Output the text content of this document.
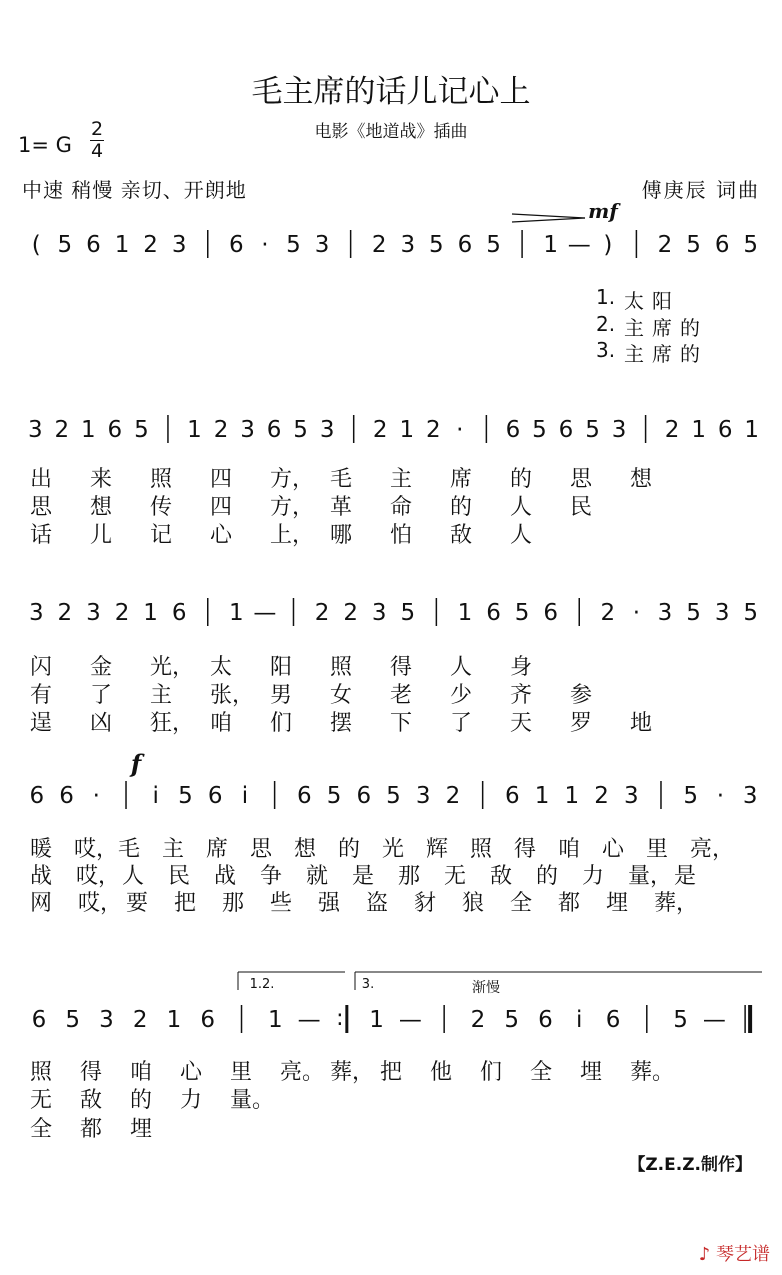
毛主席的话儿记心上
电影《地道战》插曲
1= G
2
4
中速 稍慢 亲切、开朗地	傅庚辰 词曲
( 5 6 1 2 3 6 · 5 3 2 3 5 6 5 1 — ) 2 5 6 5
3 2 1 6 5 1 2 3 6 5 3 2 1 2 · 6 5 6 5 3 2 1 6 1
3 2 3 2 1 6 1 — 2 2 3 5 1 6 5 6 2 · 3 5 3 5
6 6 · i 5 6 i 6 5 6 5 3 2 6 1 1 2 3 5 · 3
6 5 3 2 1 6 1 — : 1 — 2 5 6 i 6 5 —
mf
f
渐慢
1.2.	3.
1. 太 阳
2. 主 席 的
3. 主 席 的
出 来 照 四 方， 毛 主 席 的 思 想
思 想 传 四 方， 革 命 的 人 民
话 儿 记 心 上， 哪 怕 敌 人
闪 金 光， 太 阳 照 得 人 身
有 了 主 张， 男 女 老 少 齐 参
逞 凶 狂， 咱 们 摆 下 了 天 罗 地
暖 哎， 毛 主 席 思 想 的 光 辉 照 得 咱 心 里 亮，
战 哎， 人 民 战 争 就 是 那 无 敌 的 力 量， 是
网 哎， 要 把 那 些 强 盗 豺 狼 全 都 埋 葬，
照 得 咱 心 里 亮。 葬， 把 他 们 全 埋 葬。
无 敌 的 力 量。
全 都 埋
【Z.E.Z.制作】
♪ 琴艺谱
